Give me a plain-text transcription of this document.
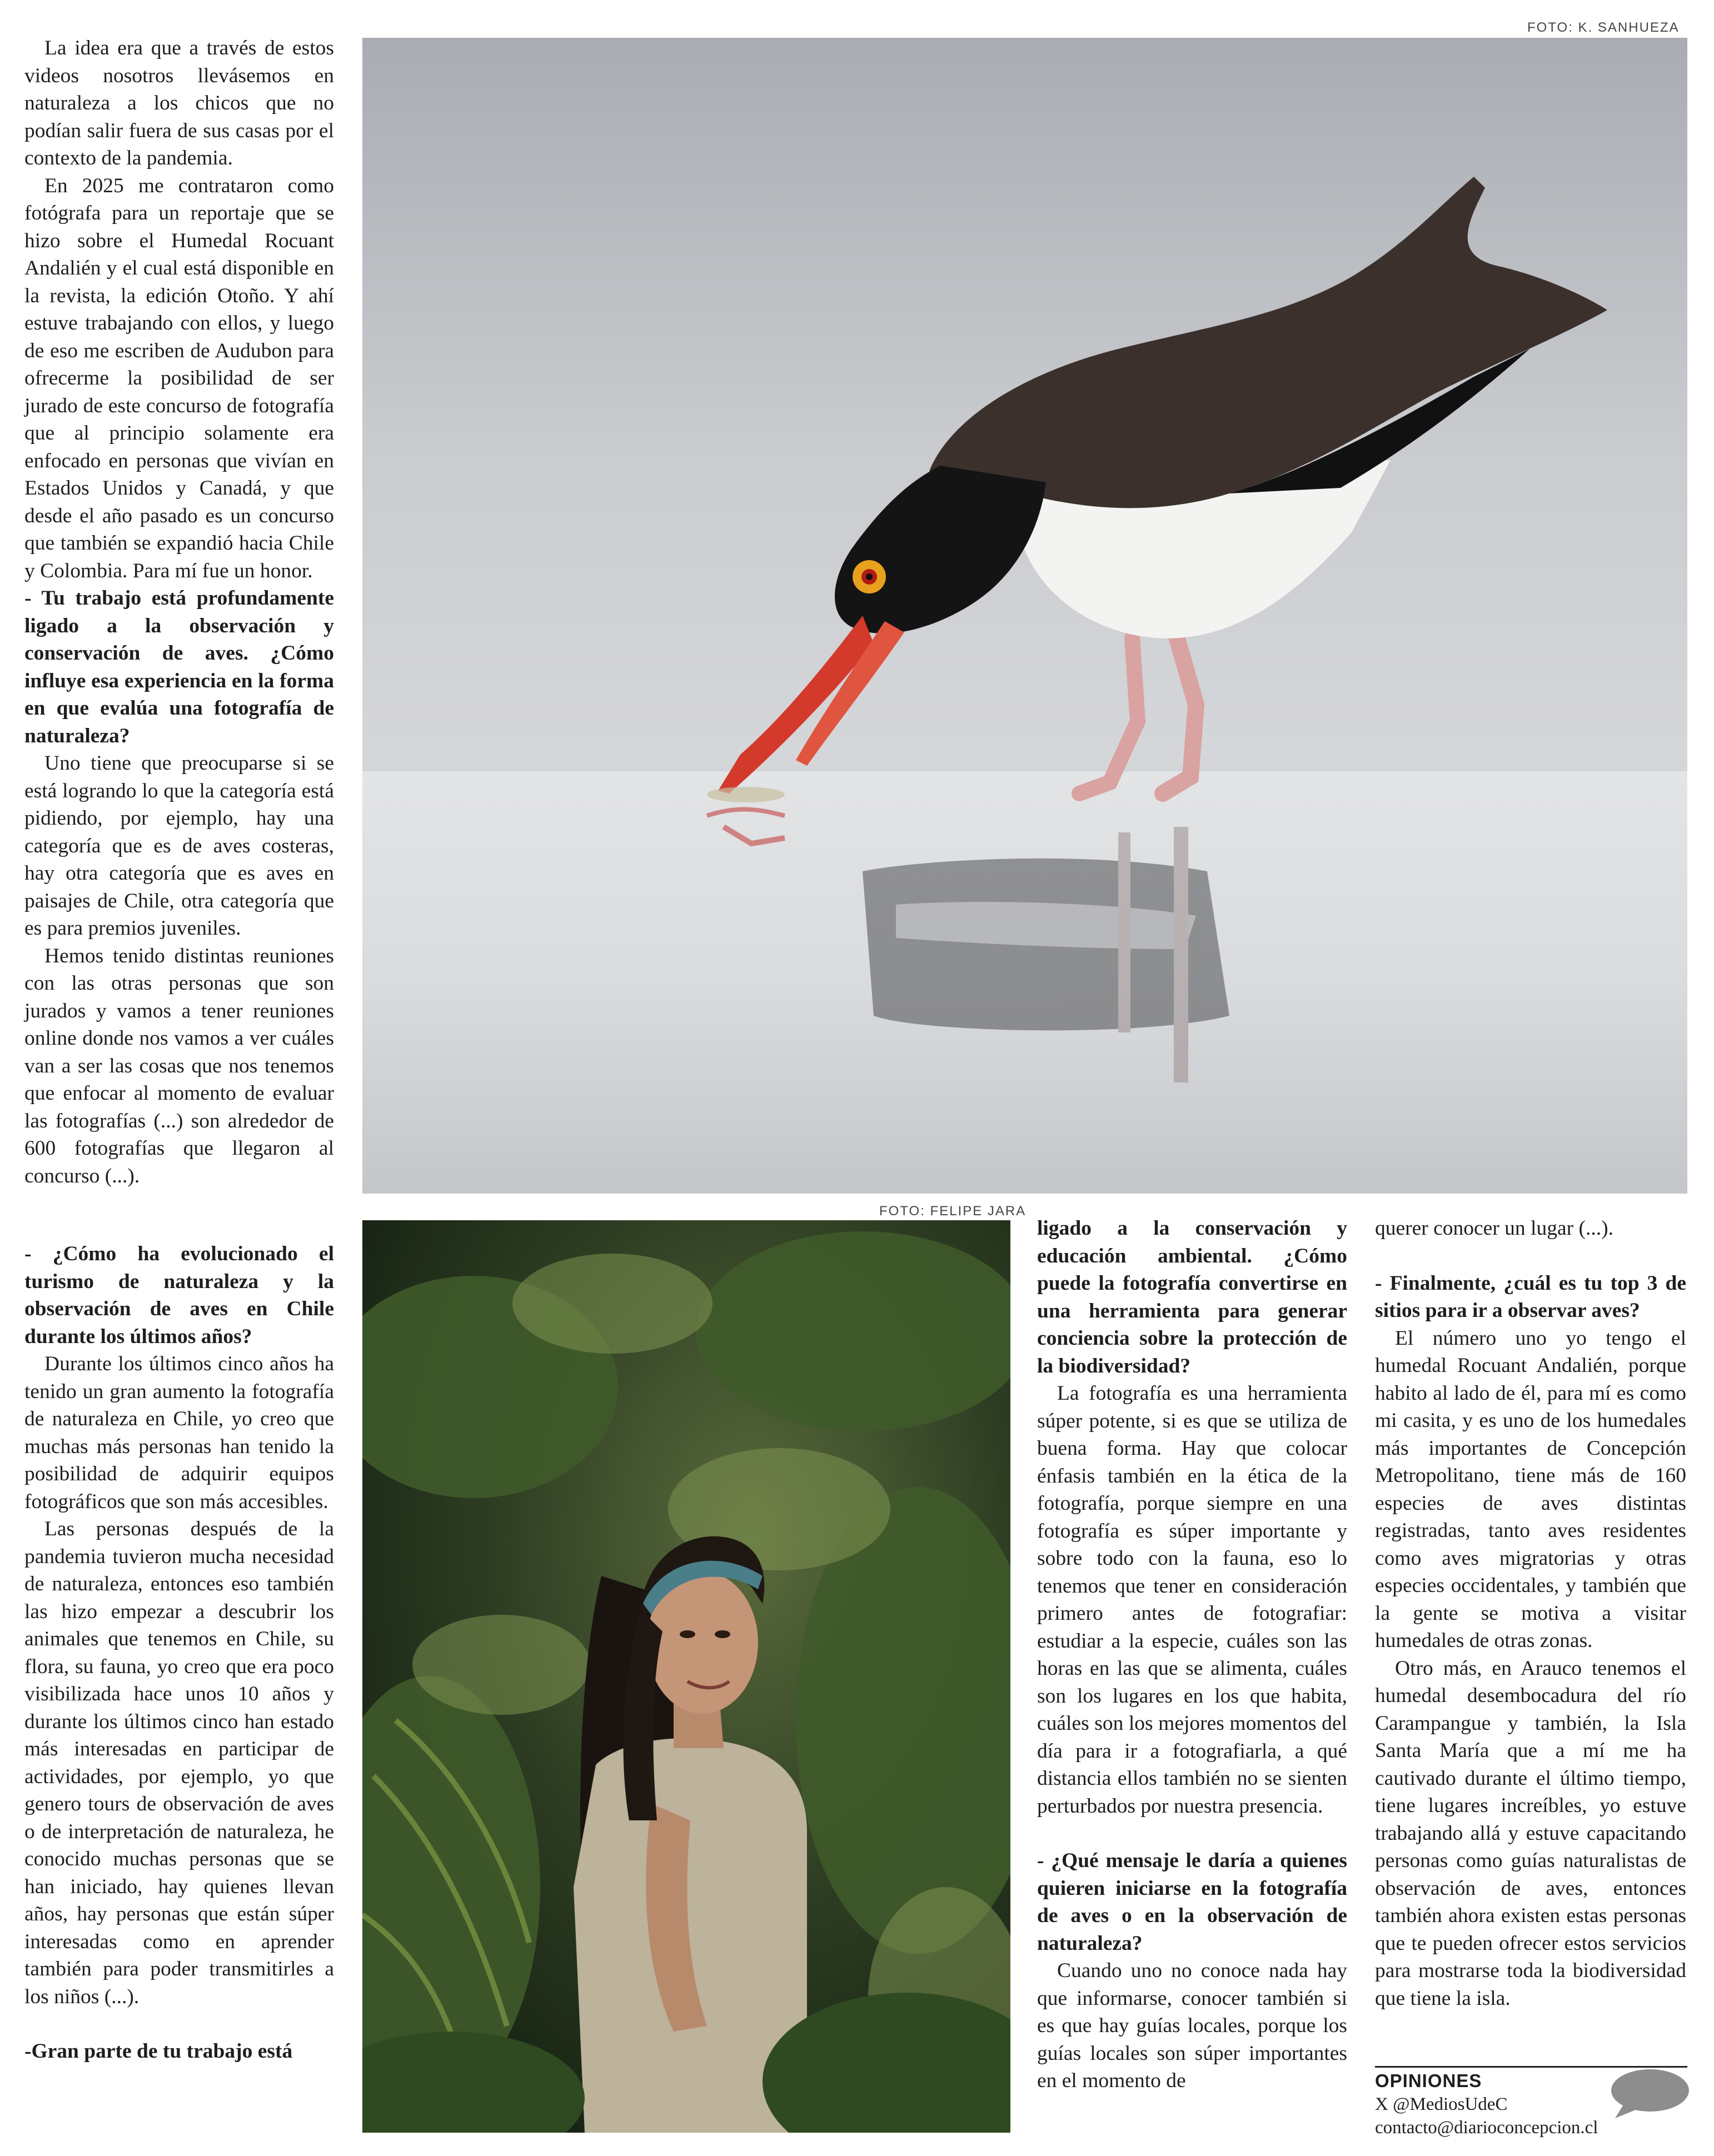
FOTO: K. SANHUEZA
FOTO: FELIPE JARA

La idea era que a través de estos videos nosotros llevásemos en naturaleza a los chicos que no podían salir fuera de sus casas por el contexto de la pandemia.

En 2025 me contrataron como fotógrafa para un reportaje que se hizo sobre el Humedal Rocuant Andalién y el cual está disponible en la revista, la edición Otoño. Y ahí estuve trabajando con ellos, y luego de eso me escriben de Audubon para ofrecerme la posibilidad de ser jurado de este concurso de fotografía que al principio solamente era enfocado en personas que vivían en Estados Unidos y Canadá, y que desde el año pasado es un concurso que también se expandió hacia Chile y Colombia. Para mí fue un honor.

- Tu trabajo está profundamente ligado a la observación y conservación de aves. ¿Cómo influye esa experiencia en la forma en que evalúa una fotografía de naturaleza?

Uno tiene que preocuparse si se está logrando lo que la categoría está pidiendo, por ejemplo, hay una categoría que es de aves costeras, hay otra categoría que es aves en paisajes de Chile, otra categoría que es para premios juveniles.

Hemos tenido distintas reuniones con las otras personas que son jurados y vamos a tener reuniones online donde nos vamos a ver cuáles van a ser las cosas que nos tenemos que enfocar al momento de evaluar las fotografías (...) son alrededor de 600 fotografías que llegaron al concurso (...).

- ¿Cómo ha evolucionado el turismo de naturaleza y la observación de aves en Chile durante los últimos años?

Durante los últimos cinco años ha tenido un gran aumento la fotografía de naturaleza en Chile, yo creo que muchas más personas han tenido la posibilidad de adquirir equipos fotográficos que son más accesibles.

Las personas después de la pandemia tuvieron mucha necesidad de naturaleza, entonces eso también las hizo empezar a descubrir los animales que tenemos en Chile, su flora, su fauna, yo creo que era poco visibilizada hace unos 10 años y durante los últimos cinco han estado más interesadas en participar de actividades, por ejemplo, yo que genero tours de observación de aves o de interpretación de naturaleza, he conocido muchas personas que se han iniciado, hay quienes llevan años, hay personas que están súper interesadas como en aprender también para poder transmitirles a los niños (...).

-Gran parte de tu trabajo está

ligado a la conservación y educación ambiental. ¿Cómo puede la fotografía convertirse en una herramienta para generar conciencia sobre la protección de la biodiversidad?

La fotografía es una herramienta súper potente, si es que se utiliza de buena forma. Hay que colocar énfasis también en la ética de la fotografía, porque siempre en una fotografía es súper importante y sobre todo con la fauna, eso lo tenemos que tener en consideración primero antes de fotografiar: estudiar a la especie, cuáles son las horas en las que se alimenta, cuáles son los lugares en los que habita, cuáles son los mejores momentos del día para ir a fotografiarla, a qué distancia ellos también no se sienten perturbados por nuestra presencia.

- ¿Qué mensaje le daría a quienes quieren iniciarse en la fotografía de aves o en la observación de naturaleza?

Cuando uno no conoce nada hay que informarse, conocer también si es que hay guías locales, porque los guías locales son súper importantes en el momento de

querer conocer un lugar (...).

- Finalmente, ¿cuál es tu top 3 de sitios para ir a observar aves?

El número uno yo tengo el humedal Rocuant Andalién, porque habito al lado de él, para mí es como mi casita, y es uno de los humedales más importantes de Concepción Metropolitano, tiene más de 160 especies de aves distintas registradas, tanto aves residentes como aves migratorias y otras especies occidentales, y también que la gente se motiva a visitar humedales de otras zonas.

Otro más, en Arauco tenemos el humedal desembocadura del río Carampangue y también, la Isla Santa María que a mí me ha cautivado durante el último tiempo, tiene lugares increíbles, yo estuve trabajando allá y estuve capacitando personas como guías naturalistas de observación de aves, entonces también ahora existen estas personas que te pueden ofrecer estos servicios para mostrarse toda la biodiversidad que tiene la isla.

OPINIONES
X @MediosUdeC
contacto@diarioconcepcion.cl
